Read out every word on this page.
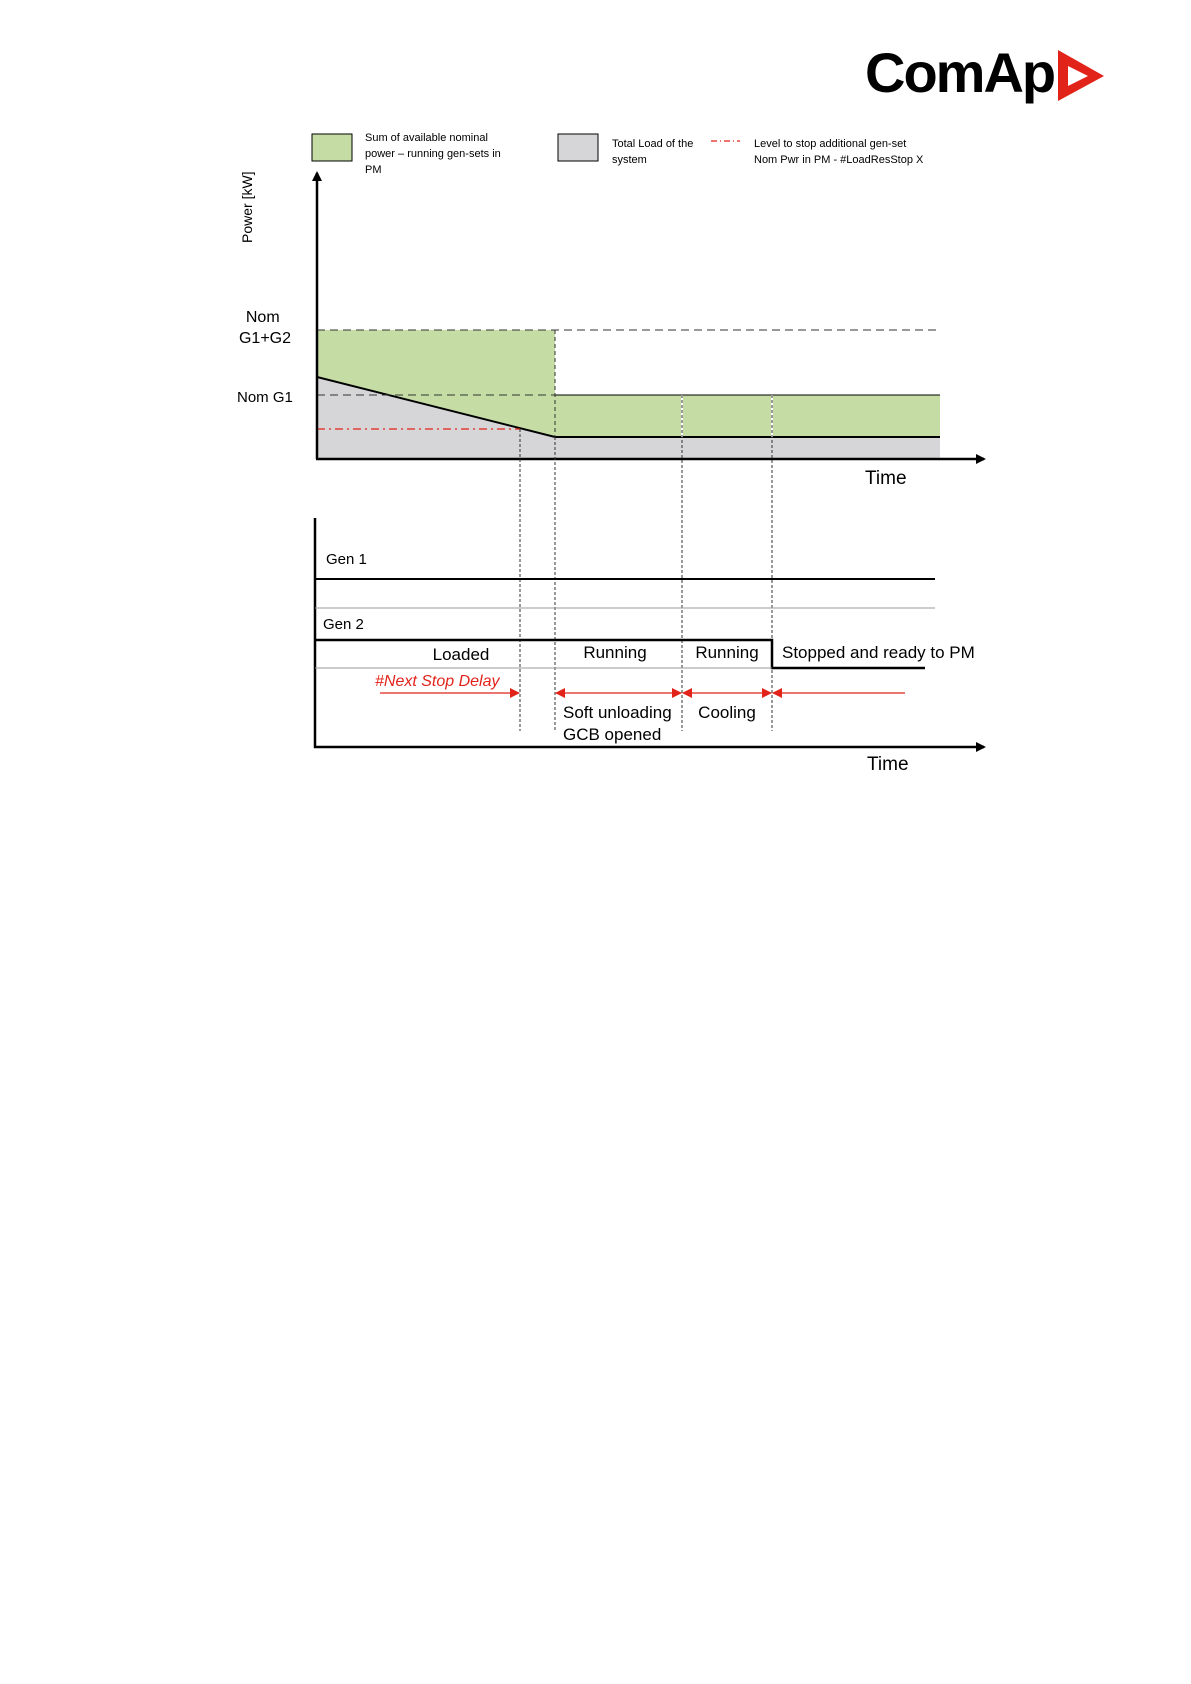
ComAp
Sum of available nominal power – running gen-sets in PM
Total Load of the system
Level to stop additional gen-set Nom Pwr in PM - #LoadResStop X
Power [kW]
Time
Nom G1+G2
Nom G1
Time
Gen 1
Gen 2
Loaded	Running	Running Stopped and ready to PM
#Next Stop Delay
Soft unloading GCB opened
Cooling
